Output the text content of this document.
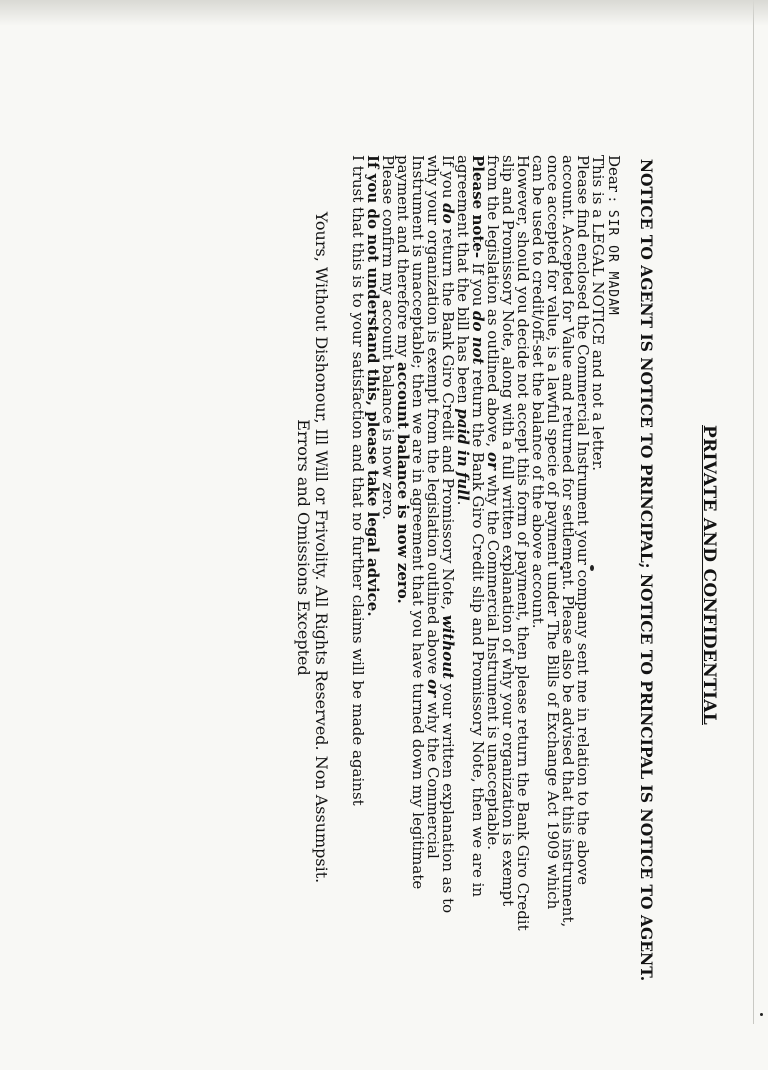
PRIVATE AND CONFIDENTIAL
NOTICE TO AGENT IS NOTICE TO PRINCIPAL; NOTICE TO PRINCIPAL IS NOTICE TO AGENT.

Dear :SIR OR MADAM

This is a LEGAL NOTICE and not a letter.

Please find enclosed the Commercial Instrument your company sent me in relation to the above account. Accepted for Value and returned for settlement. Please also be advised that this instrument, once accepted for value, is a lawful specie of payment under The Bills of Exchange Act 1909 which can be used to credit/off-set the balance of the above account.

However, should you decide not accept this form of payment, then please return the Bank Giro Credit slip and Promissory Note, along with a full written explanation of why your organization is exempt from the legislation as outlined above, or why the Commercial Instrument is unacceptable.

Please note- If you do not return the Bank Giro Credit slip and Promissory Note, then we are in agreement that the bill has been paid in full.

If you do return the Bank Giro Credit and Promissory Note, without your written explanation as to why your organization is exempt from the legislation outlined above or why the Commercial Instrument is unacceptable; then we are in agreement that you have turned down my legitimate payment and therefore my account balance is now zero.

Please confirm my account balance is now zero.

If you do not understand this, please take legal advice.

I trust that this is to your satisfaction and that no further claims will be made against

Yours, Without Dishonour, Ill Will or Frivolity. All Rights Reserved. Non Assumpsit.
Errors and Omissions Excepted
